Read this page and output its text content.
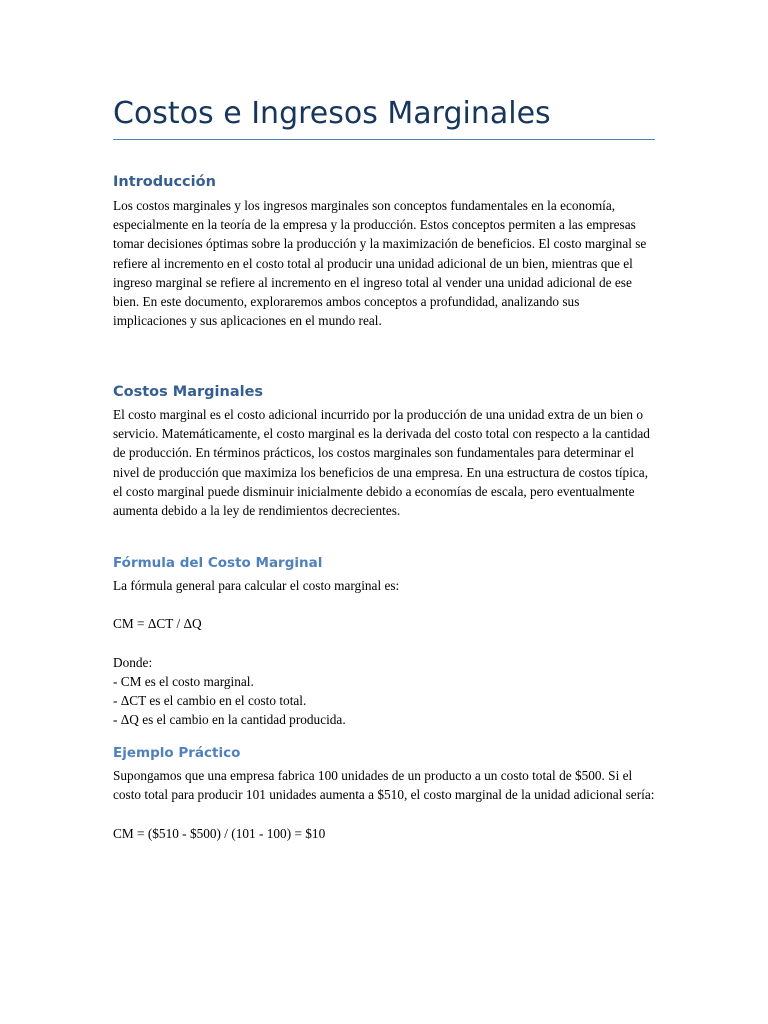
Costos e Ingresos Marginales
Introducción

Los costos marginales y los ingresos marginales son conceptos fundamentales en la economía, especialmente en la teoría de la empresa y la producción. Estos conceptos permiten a las empresas tomar decisiones óptimas sobre la producción y la maximización de beneficios. El costo marginal se refiere al incremento en el costo total al producir una unidad adicional de un bien, mientras que el ingreso marginal se refiere al incremento en el ingreso total al vender una unidad adicional de ese bien. En este documento, exploraremos ambos conceptos a profundidad, analizando sus implicaciones y sus aplicaciones en el mundo real.

Costos Marginales

El costo marginal es el costo adicional incurrido por la producción de una unidad extra de un bien o servicio. Matemáticamente, el costo marginal es la derivada del costo total con respecto a la cantidad de producción. En términos prácticos, los costos marginales son fundamentales para determinar el nivel de producción que maximiza los beneficios de una empresa. En una estructura de costos típica, el costo marginal puede disminuir inicialmente debido a economías de escala, pero eventualmente aumenta debido a la ley de rendimientos decrecientes.

Fórmula del Costo Marginal

La fórmula general para calcular el costo marginal es:

CM = ΔCT / ΔQ

Donde:
- CM es el costo marginal.
- ΔCT es el cambio en el costo total.
- ΔQ es el cambio en la cantidad producida.

Ejemplo Práctico

Supongamos que una empresa fabrica 100 unidades de un producto a un costo total de $500. Si el costo total para producir 101 unidades aumenta a $510, el costo marginal de la unidad adicional sería:

CM = ($510 - $500) / (101 - 100) = $10
